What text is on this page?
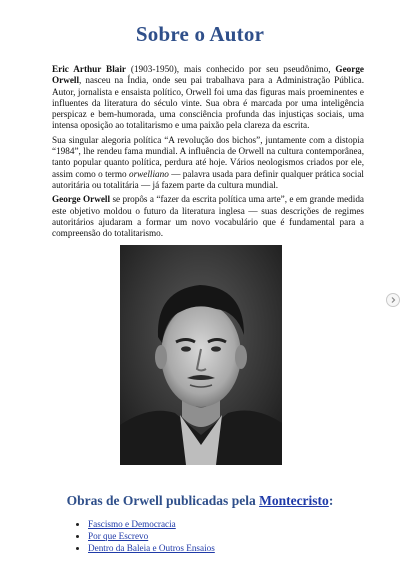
Sobre o Autor

Eric Arthur Blair (1903-1950), mais conhecido por seu pseudônimo, George Orwell, nasceu na Índia, onde seu pai trabalhava para a Administração Pública. Autor, jornalista e ensaista político, Orwell foi uma das figuras mais proeminentes e influentes da literatura do século vinte. Sua obra é marcada por uma inteligência perspicaz e bem-humorada, uma consciência profunda das injustiças sociais, uma intensa oposição ao totalitarismo e uma paixão pela clareza da escrita.

Sua singular alegoria política “A revolução dos bichos”, juntamente com a distopia “1984”, lhe rendeu fama mundial. A influência de Orwell na cultura contemporânea, tanto popular quanto política, perdura até hoje. Vários neologismos criados por ele, assim como o termo orwelliano — palavra usada para definir qualquer prática social autoritária ou totalitária — já fazem parte da cultura mundial.

George Orwell se propôs a “fazer da escrita política uma arte”, e em grande medida este objetivo moldou o futuro da literatura inglesa — suas descrições de regimes autoritários ajudaram a formar um novo vocabulário que é fundamental para a compreensão do totalitarismo.

Obras de Orwell publicadas pela Montecristo:
• Fascismo e Democracia
• Por que Escrevo
• Dentro da Baleia e Outros Ensaios
